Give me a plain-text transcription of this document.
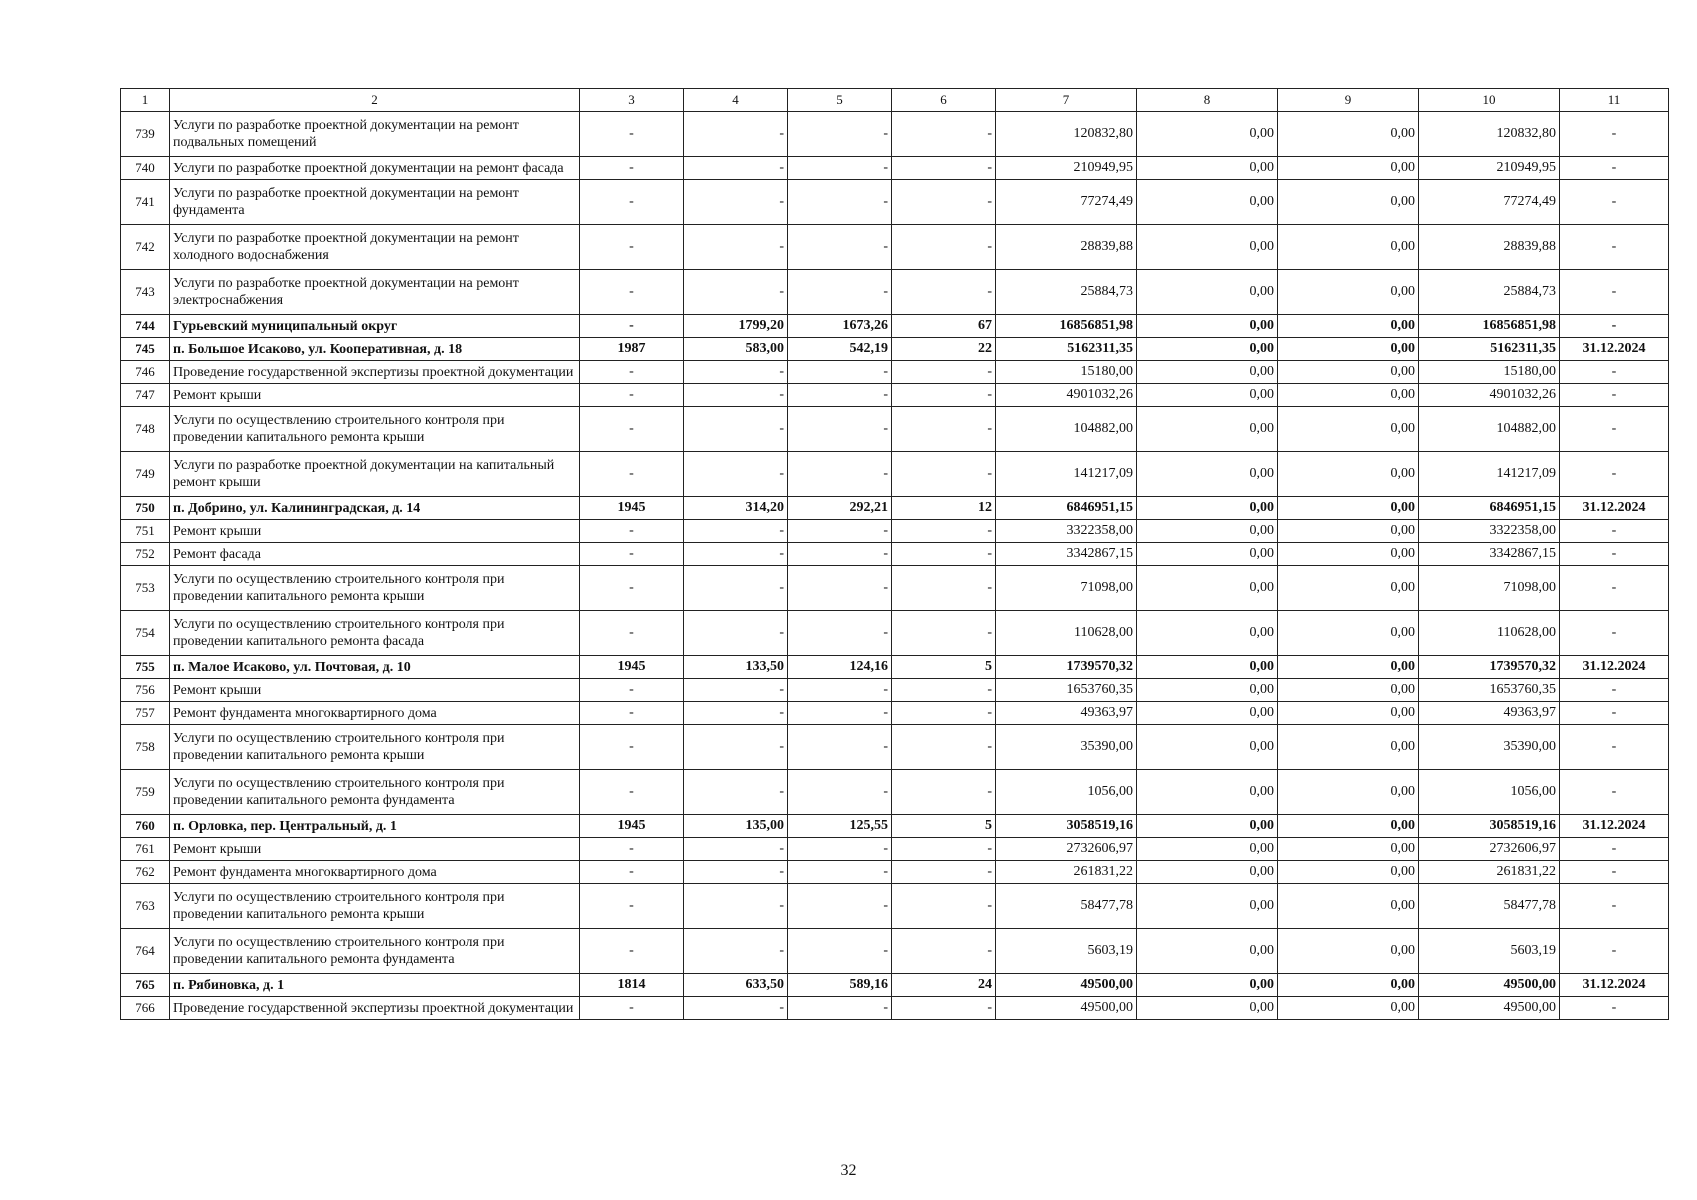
1	2	3	4	5	6	7	8	9	10	11
739	Услуги по разработке проектной документации на ремонт подвальных помещений	-	-	-	-	120832,80	0,00	0,00	120832,80	-
740	Услуги по разработке проектной документации на ремонт фасада	-	-	-	-	210949,95	0,00	0,00	210949,95	-
741	Услуги по разработке проектной документации на ремонт фундамента	-	-	-	-	77274,49	0,00	0,00	77274,49	-
742	Услуги по разработке проектной документации на ремонт холодного водоснабжения	-	-	-	-	28839,88	0,00	0,00	28839,88	-
743	Услуги по разработке проектной документации на ремонт электроснабжения	-	-	-	-	25884,73	0,00	0,00	25884,73	-
744	Гурьевский муниципальный округ	-	1799,20	1673,26	67	16856851,98	0,00	0,00	16856851,98	-
745	п. Большое Исаково, ул. Кооперативная, д. 18	1987	583,00	542,19	22	5162311,35	0,00	0,00	5162311,35	31.12.2024
746	Проведение государственной экспертизы проектной документации	-	-	-	-	15180,00	0,00	0,00	15180,00	-
747	Ремонт крыши	-	-	-	-	4901032,26	0,00	0,00	4901032,26	-
748	Услуги по осуществлению строительного контроля при проведении капитального ремонта крыши	-	-	-	-	104882,00	0,00	0,00	104882,00	-
749	Услуги по разработке проектной документации на капитальный ремонт крыши	-	-	-	-	141217,09	0,00	0,00	141217,09	-
750	п. Добрино, ул. Калининградская, д. 14	1945	314,20	292,21	12	6846951,15	0,00	0,00	6846951,15	31.12.2024
751	Ремонт крыши	-	-	-	-	3322358,00	0,00	0,00	3322358,00	-
752	Ремонт фасада	-	-	-	-	3342867,15	0,00	0,00	3342867,15	-
753	Услуги по осуществлению строительного контроля при проведении капитального ремонта крыши	-	-	-	-	71098,00	0,00	0,00	71098,00	-
754	Услуги по осуществлению строительного контроля при проведении капитального ремонта фасада	-	-	-	-	110628,00	0,00	0,00	110628,00	-
755	п. Малое Исаково, ул. Почтовая, д. 10	1945	133,50	124,16	5	1739570,32	0,00	0,00	1739570,32	31.12.2024
756	Ремонт крыши	-	-	-	-	1653760,35	0,00	0,00	1653760,35	-
757	Ремонт фундамента многоквартирного дома	-	-	-	-	49363,97	0,00	0,00	49363,97	-
758	Услуги по осуществлению строительного контроля при проведении капитального ремонта крыши	-	-	-	-	35390,00	0,00	0,00	35390,00	-
759	Услуги по осуществлению строительного контроля при проведении капитального ремонта фундамента	-	-	-	-	1056,00	0,00	0,00	1056,00	-
760	п. Орловка, пер. Центральный, д. 1	1945	135,00	125,55	5	3058519,16	0,00	0,00	3058519,16	31.12.2024
761	Ремонт крыши	-	-	-	-	2732606,97	0,00	0,00	2732606,97	-
762	Ремонт фундамента многоквартирного дома	-	-	-	-	261831,22	0,00	0,00	261831,22	-
763	Услуги по осуществлению строительного контроля при проведении капитального ремонта крыши	-	-	-	-	58477,78	0,00	0,00	58477,78	-
764	Услуги по осуществлению строительного контроля при проведении капитального ремонта фундамента	-	-	-	-	5603,19	0,00	0,00	5603,19	-
765	п. Рябиновка, д. 1	1814	633,50	589,16	24	49500,00	0,00	0,00	49500,00	31.12.2024
766	Проведение государственной экспертизы проектной документации	-	-	-	-	49500,00	0,00	0,00	49500,00	-
32
